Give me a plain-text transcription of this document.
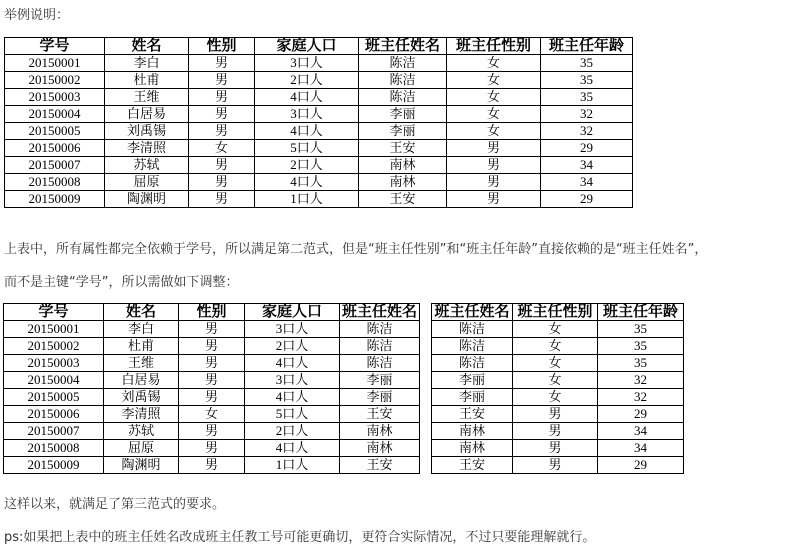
举例说明：
学号	姓名	性别	家庭人口	班主任姓名	班主任性别	班主任年龄
20150001	李白	男	3口人	陈洁	女	35
20150002	杜甫	男	2口人	陈洁	女	35
20150003	王维	男	4口人	陈洁	女	35
20150004	白居易	男	3口人	李丽	女	32
20150005	刘禹锡	男	4口人	李丽	女	32
20150006	李清照	女	5口人	王安	男	29
20150007	苏轼	男	2口人	南林	男	34
20150008	屈原	男	4口人	南林	男	34
20150009	陶渊明	男	1口人	王安	男	29
上表中，所有属性都完全依赖于学号，所以满足第二范式，但是“班主任性别”和“班主任年龄”直接依赖的是“班主任姓名”，
而不是主键“学号”，所以需做如下调整：
学号	姓名	性别	家庭人口	班主任姓名
20150001	李白	男	3口人	陈洁
20150002	杜甫	男	2口人	陈洁
20150003	王维	男	4口人	陈洁
20150004	白居易	男	3口人	李丽
20150005	刘禹锡	男	4口人	李丽
20150006	李清照	女	5口人	王安
20150007	苏轼	男	2口人	南林
20150008	屈原	男	4口人	南林
20150009	陶渊明	男	1口人	王安
班主任姓名	班主任性别	班主任年龄
陈洁	女	35
陈洁	女	35
陈洁	女	35
李丽	女	32
李丽	女	32
王安	男	29
南林	男	34
南林	男	34
王安	男	29
这样以来，就满足了第三范式的要求。
ps:如果把上表中的班主任姓名改成班主任教工号可能更确切，更符合实际情况，不过只要能理解就行。
